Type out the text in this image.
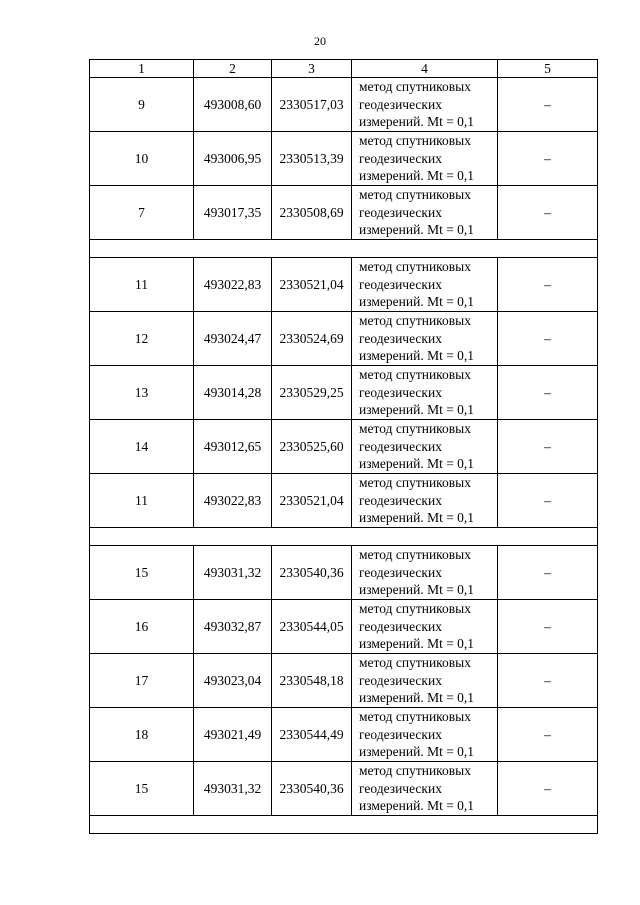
20
1	2	3	4	5
9	493008,60	2330517,03	метод спутниковых
геодезических
измерений. Mt = 0,1	–
10	493006,95	2330513,39	метод спутниковых
геодезических
измерений. Mt = 0,1	–
7	493017,35	2330508,69	метод спутниковых
геодезических
измерений. Mt = 0,1	–

11	493022,83	2330521,04	метод спутниковых
геодезических
измерений. Mt = 0,1	–
12	493024,47	2330524,69	метод спутниковых
геодезических
измерений. Mt = 0,1	–
13	493014,28	2330529,25	метод спутниковых
геодезических
измерений. Mt = 0,1	–
14	493012,65	2330525,60	метод спутниковых
геодезических
измерений. Mt = 0,1	–
11	493022,83	2330521,04	метод спутниковых
геодезических
измерений. Mt = 0,1	–

15	493031,32	2330540,36	метод спутниковых
геодезических
измерений. Mt = 0,1	–
16	493032,87	2330544,05	метод спутниковых
геодезических
измерений. Mt = 0,1	–
17	493023,04	2330548,18	метод спутниковых
геодезических
измерений. Mt = 0,1	–
18	493021,49	2330544,49	метод спутниковых
геодезических
измерений. Mt = 0,1	–
15	493031,32	2330540,36	метод спутниковых
геодезических
измерений. Mt = 0,1	–
